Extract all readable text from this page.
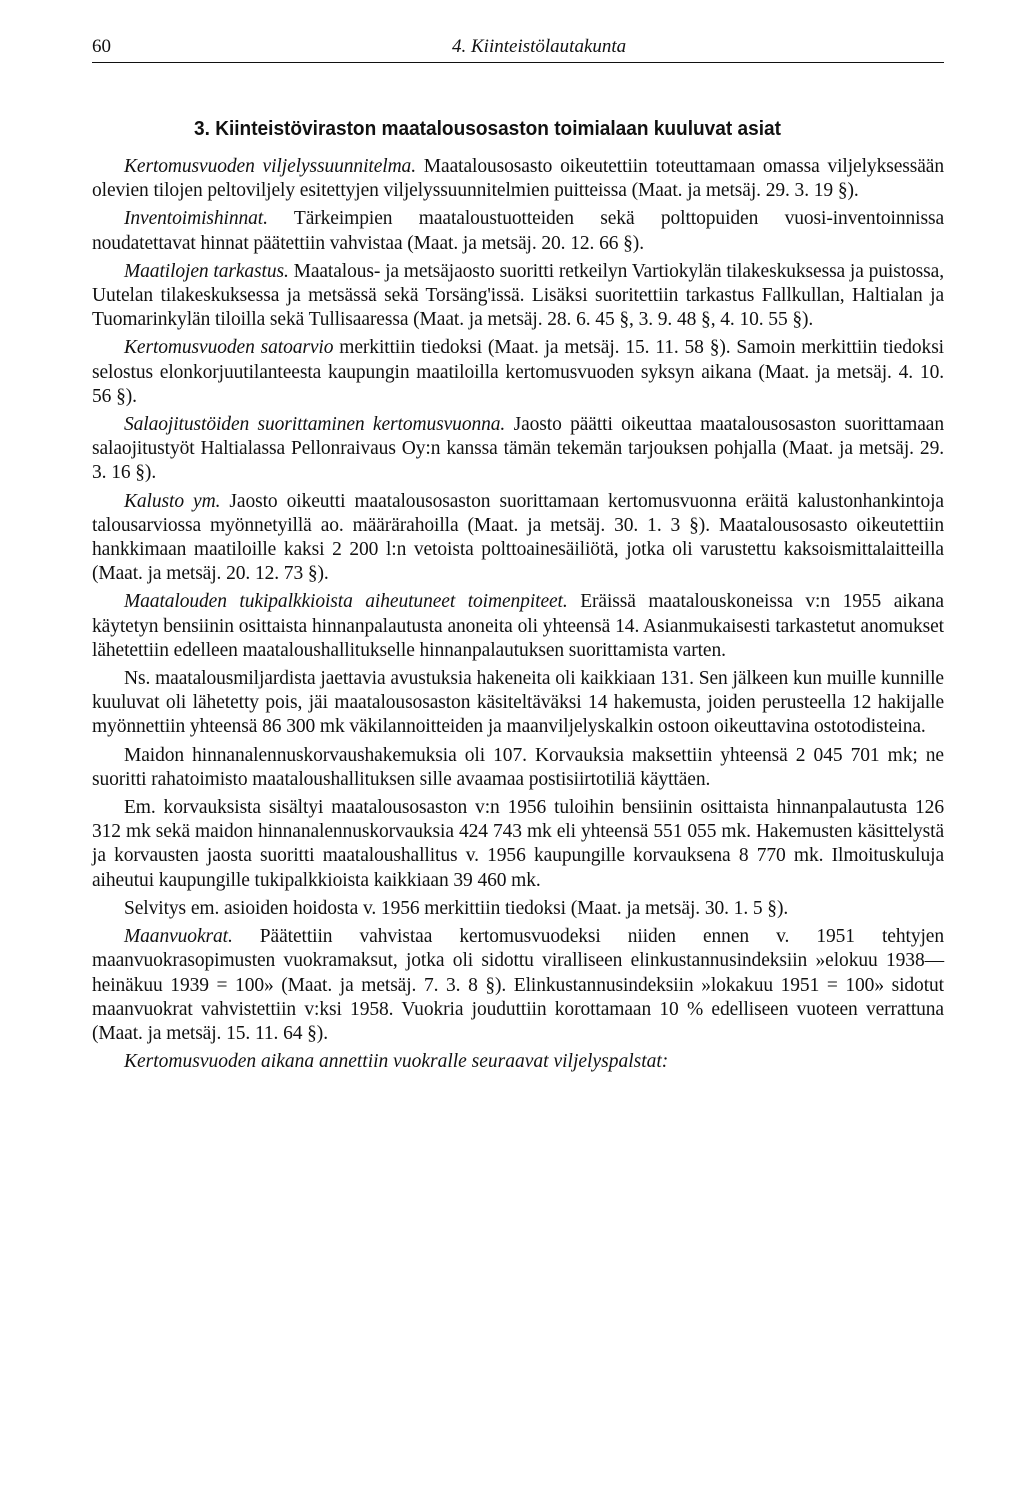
60	4. Kiinteistölautakunta
3. Kiinteistöviraston maatalousosaston toimialaan kuuluvat asiat

Kertomusvuoden viljelyssuunnitelma. Maatalousosasto oikeutettiin toteuttamaan omassa viljelyksessään olevien tilojen peltoviljely esitettyjen viljelyssuunnitelmien puitteissa (Maat. ja metsäj. 29. 3. 19 §).

Inventoimishinnat. Tärkeimpien maataloustuotteiden sekä polttopuiden vuosi-inventoinnissa noudatettavat hinnat päätettiin vahvistaa (Maat. ja metsäj. 20. 12. 66 §).

Maatilojen tarkastus. Maatalous- ja metsäjaosto suoritti retkeilyn Vartiokylän tilakeskuksessa ja puistossa, Uutelan tilakeskuksessa ja metsässä sekä Torsäng'issä. Lisäksi suoritettiin tarkastus Fallkullan, Haltialan ja Tuomarinkylän tiloilla sekä Tullisaaressa (Maat. ja metsäj. 28. 6. 45 §, 3. 9. 48 §, 4. 10. 55 §).

Kertomusvuoden satoarvio merkittiin tiedoksi (Maat. ja metsäj. 15. 11. 58 §). Samoin merkittiin tiedoksi selostus elonkorjuutilanteesta kaupungin maatiloilla kertomusvuoden syksyn aikana (Maat. ja metsäj. 4. 10. 56 §).

Salaojitustöiden suorittaminen kertomusvuonna. Jaosto päätti oikeuttaa maatalousosaston suorittamaan salaojitustyöt Haltialassa Pellonraivaus Oy:n kanssa tämän tekemän tarjouksen pohjalla (Maat. ja metsäj. 29. 3. 16 §).

Kalusto ym. Jaosto oikeutti maatalousosaston suorittamaan kertomusvuonna eräitä kalustonhankintoja talousarviossa myönnetyillä ao. määrärahoilla (Maat. ja metsäj. 30. 1. 3 §). Maatalousosasto oikeutettiin hankkimaan maatiloille kaksi 2 200 l:n vetoista polttoainesäiliötä, jotka oli varustettu kaksoismittalaitteilla (Maat. ja metsäj. 20. 12. 73 §).

Maatalouden tukipalkkioista aiheutuneet toimenpiteet. Eräissä maatalouskoneissa v:n 1955 aikana käytetyn bensiinin osittaista hinnanpalautusta anoneita oli yhteensä 14. Asianmukaisesti tarkastetut anomukset lähetettiin edelleen maataloushallitukselle hinnanpalautuksen suorittamista varten.

Ns. maatalousmiljardista jaettavia avustuksia hakeneita oli kaikkiaan 131. Sen jälkeen kun muille kunnille kuuluvat oli lähetetty pois, jäi maatalousosaston käsiteltäväksi 14 hakemusta, joiden perusteella 12 hakijalle myönnettiin yhteensä 86 300 mk väkilannoitteiden ja maanviljelyskalkin ostoon oikeuttavina ostotodisteina.

Maidon hinnanalennuskorvaushakemuksia oli 107. Korvauksia maksettiin yhteensä 2 045 701 mk; ne suoritti rahatoimisto maataloushallituksen sille avaamaa postisiirtotiliä käyttäen.

Em. korvauksista sisältyi maatalousosaston v:n 1956 tuloihin bensiinin osittaista hinnanpalautusta 126 312 mk sekä maidon hinnanalennuskorvauksia 424 743 mk eli yhteensä 551 055 mk. Hakemusten käsittelystä ja korvausten jaosta suoritti maataloushallitus v. 1956 kaupungille korvauksena 8 770 mk. Ilmoituskuluja aiheutui kaupungille tukipalkkioista kaikkiaan 39 460 mk.

Selvitys em. asioiden hoidosta v. 1956 merkittiin tiedoksi (Maat. ja metsäj. 30. 1. 5 §).

Maanvuokrat. Päätettiin vahvistaa kertomusvuodeksi niiden ennen v. 1951 tehtyjen maanvuokrasopimusten vuokramaksut, jotka oli sidottu viralliseen elinkustannusindeksiin »elokuu 1938—heinäkuu 1939 = 100» (Maat. ja metsäj. 7. 3. 8 §). Elinkustannusindeksiin »lokakuu 1951 = 100» sidotut maanvuokrat vahvistettiin v:ksi 1958. Vuokria jouduttiin korottamaan 10 % edelliseen vuoteen verrattuna (Maat. ja metsäj. 15. 11. 64 §).

Kertomusvuoden aikana annettiin vuokralle seuraavat viljelyspalstat:
